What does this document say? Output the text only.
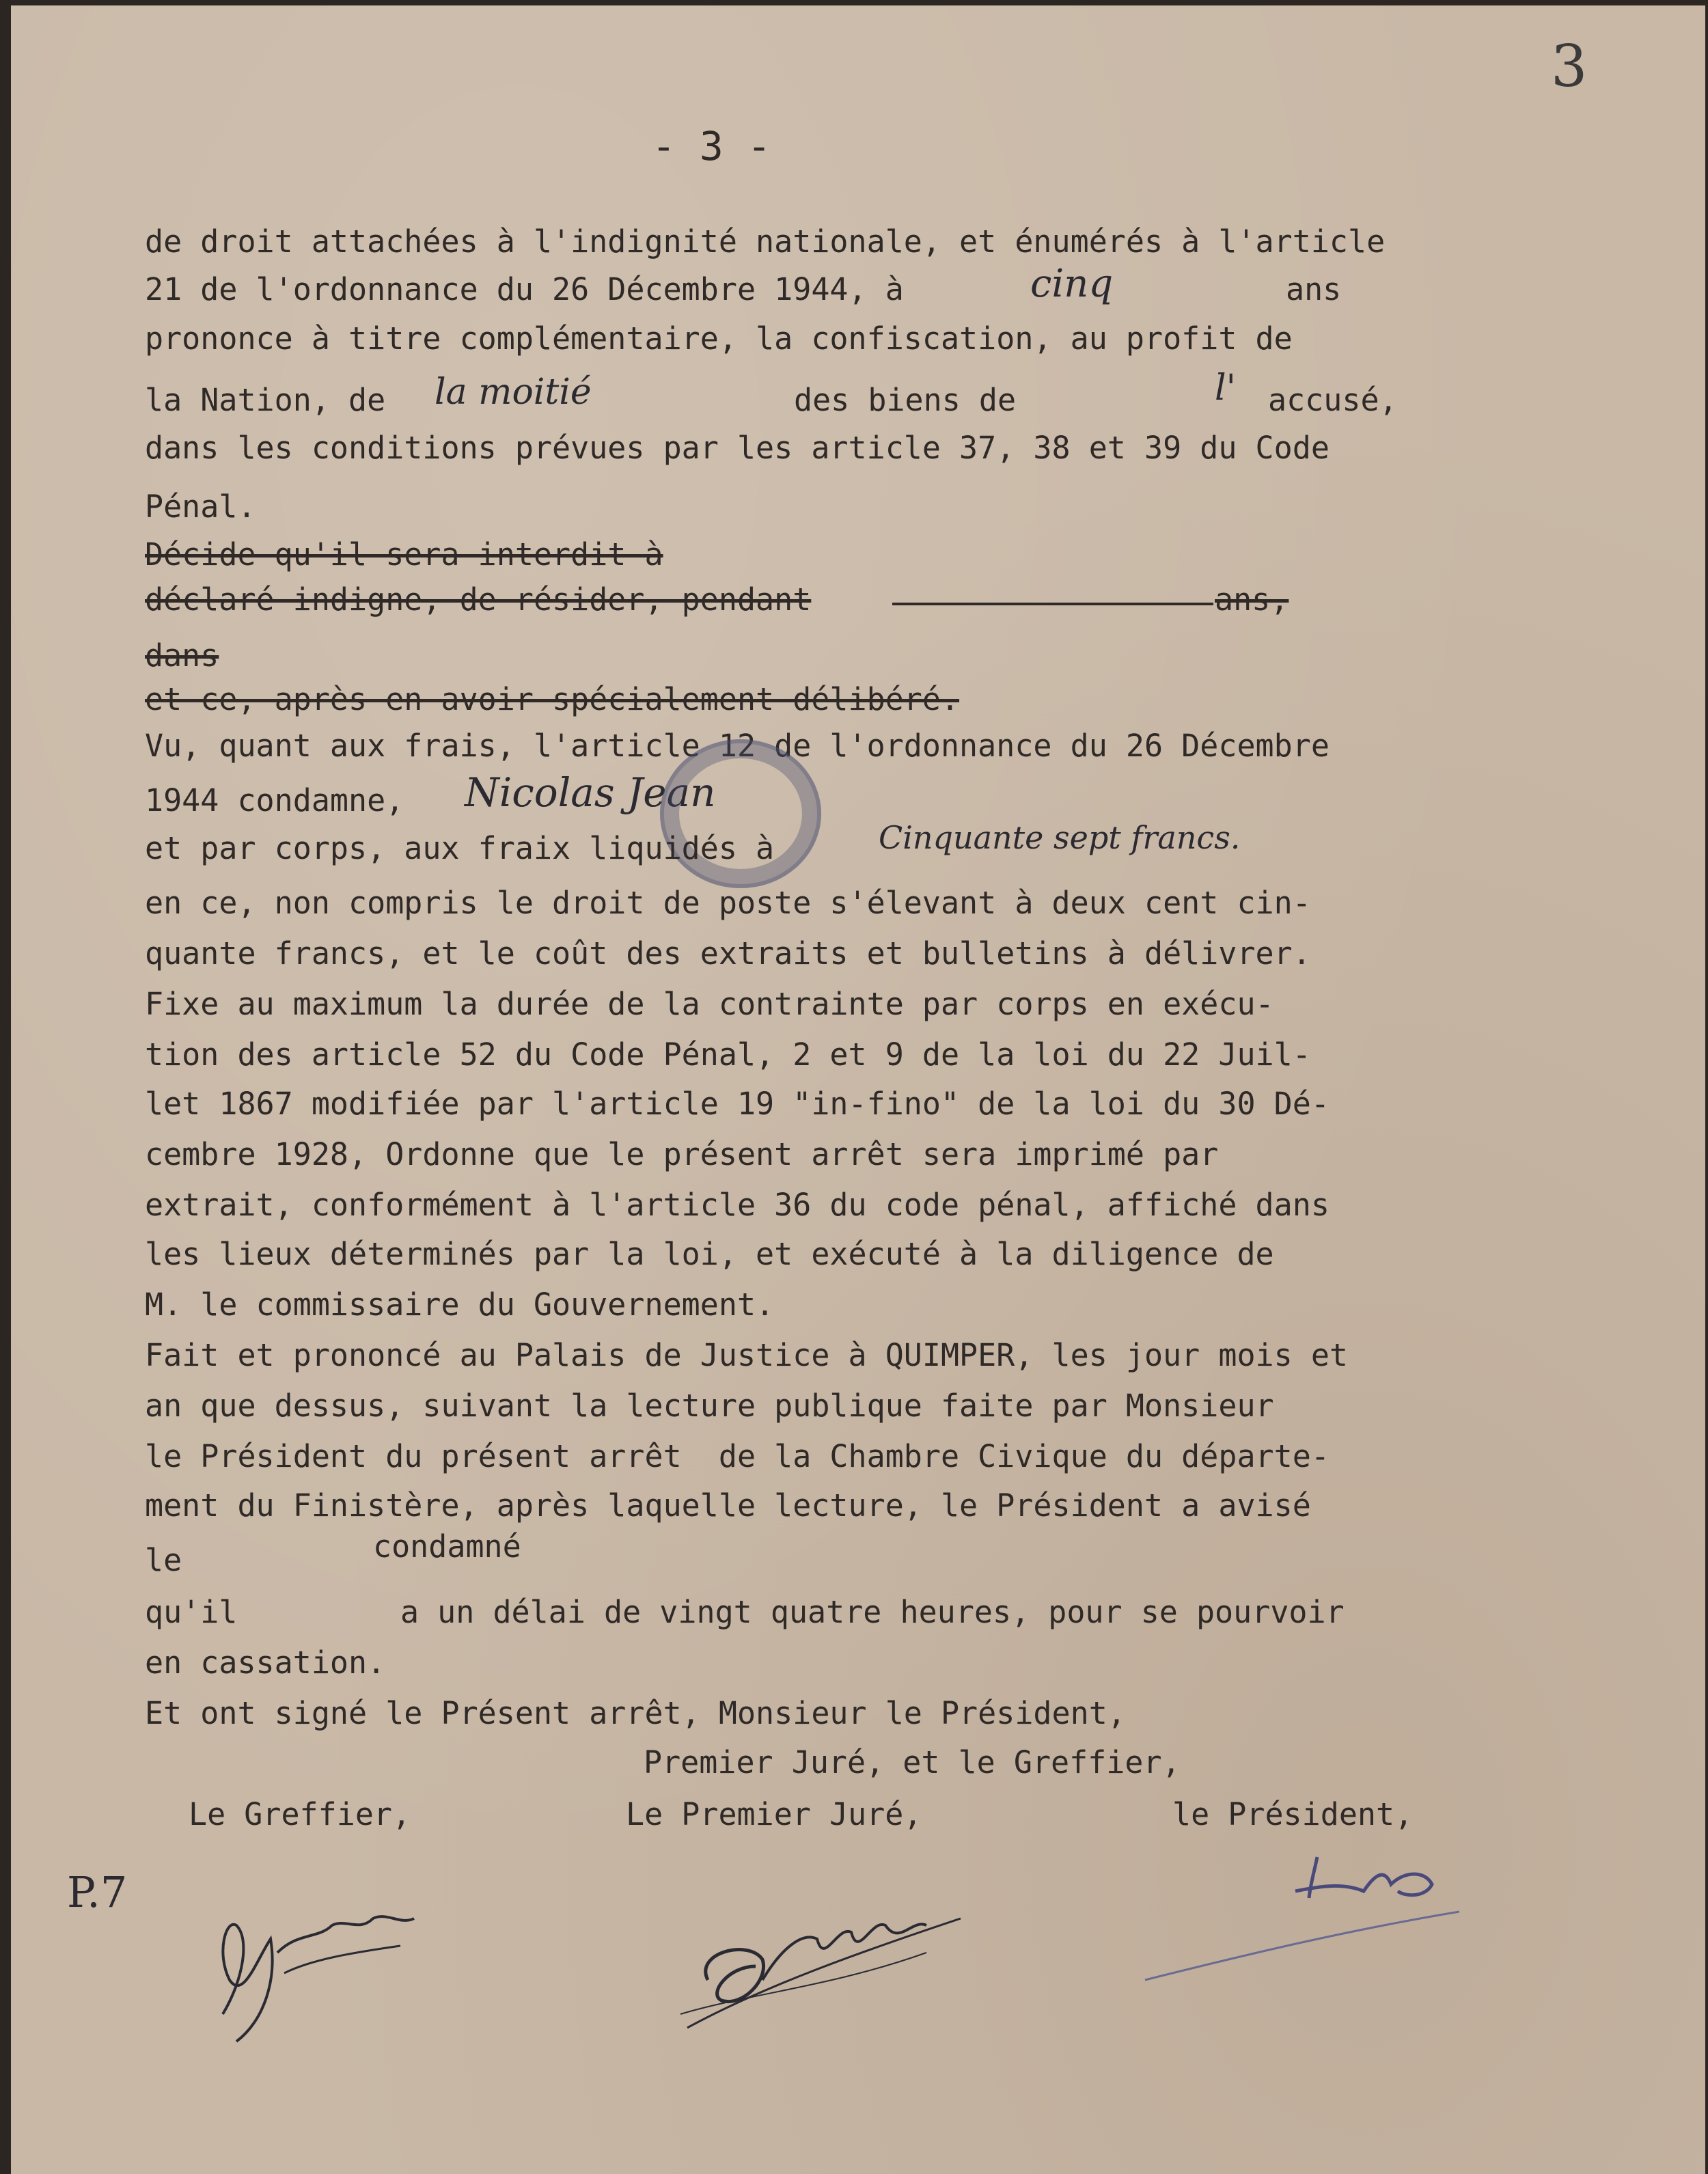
- 3 -
3
de droit attachées à l'indignité nationale, et énumérés à l'article
21 de l'ordonnance du 26 Décembre 1944, à	cinq	ans
prononce à titre complémentaire, la confiscation, au profit de
la Nation, de la moitié	des biens de	l' accusé,
dans les conditions prévues par les article 37, 38 et 39 du Code
Pénal.
Décide qu'il sera interdit à
déclaré indigne, de résider, pendant	ans,
dans
et ce, après en avoir spécialement délibéré.
Vu, quant aux frais, l'article 12 de l'ordonnance du 26 Décembre
1944 condamne, Nicolas Jean
et par corps, aux fraix liquidés à	Cinquante sept francs.
en ce, non compris le droit de poste s'élevant à deux cent cin-
quante francs, et le coût des extraits et bulletins à délivrer.
Fixe au maximum la durée de la contrainte par corps en exécu-
tion des article 52 du Code Pénal, 2 et 9 de la loi du 22 Juil-
let 1867 modifiée par l'article 19 "in-fino" de la loi du 30 Dé-
cembre 1928, Ordonne que le présent arrêt sera imprimé par
extrait, conformément à l'article 36 du code pénal, affiché dans
les lieux déterminés par la loi, et exécuté à la diligence de
M. le commissaire du Gouvernement.
Fait et prononcé au Palais de Justice à QUIMPER, les jour mois et
an que dessus, suivant la lecture publique faite par Monsieur
le Président du présent arrêt  de la Chambre Civique du départe-
ment du Finistère, après laquelle lecture, le Président a avisé
le	condamné
qu'il	a un délai de vingt quatre heures, pour se pourvoir
en cassation.
Et ont signé le Présent arrêt, Monsieur le Président,
Premier Juré, et le Greffier,
Le Greffier,	Le Premier Juré,	le Président,
P.7
